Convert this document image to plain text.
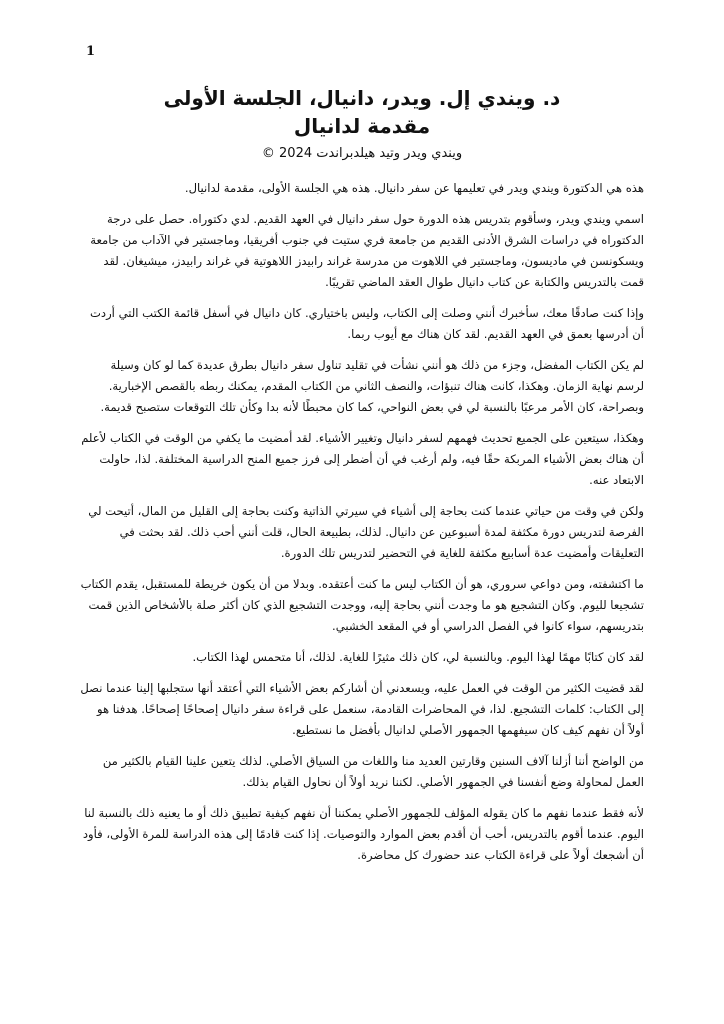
1
د. ويندي إل. ويدر، دانيال، الجلسة الأولى
مقدمة لدانيال

ويندي ويدر وتيد هيلدبراندت 2024 ©

هذه هي الدكتورة ويندي ويدر في تعليمها عن سفر دانيال. هذه هي الجلسة الأولى، مقدمة لدانيال.

اسمي ويندي ويدر، وسأقوم بتدريس هذه الدورة حول سفر دانيال في العهد القديم. لدي دكتوراه. حصل على درجة الدكتوراه في دراسات الشرق الأدنى القديم من جامعة فري ستيت في جنوب أفريقيا، وماجستير في الآداب من جامعة ويسكونسن في ماديسون، وماجستير في اللاهوت من مدرسة غراند رابيدز اللاهوتية في غراند رابيدز، ميشيغان. لقد قمت بالتدريس والكتابة عن كتاب دانيال طوال العقد الماضي تقريبًا.

وإذا كنت صادقًا معك، سأخبرك أنني وصلت إلى الكتاب، وليس باختياري. كان دانيال في أسفل قائمة الكتب التي أردت أن أدرسها بعمق في العهد القديم. لقد كان هناك مع أيوب ربما.

لم يكن الكتاب المفضل، وجزء من ذلك هو أنني نشأت في تقليد تناول سفر دانيال بطرق عديدة كما لو كان وسيلة لرسم نهاية الزمان. وهكذا، كانت هناك تنبؤات، والنصف الثاني من الكتاب المقدم، يمكنك ربطه بالقصص الإخبارية. وبصراحة، كان الأمر مرعبًا بالنسبة لي في بعض النواحي، كما كان محبطًا لأنه بدا وكأن تلك التوقعات ستصبح قديمة.

وهكذا، سيتعين على الجميع تحديث فهمهم لسفر دانيال وتغيير الأشياء. لقد أمضيت ما يكفي من الوقت في الكتاب لأعلم أن هناك بعض الأشياء المربكة حقًا فيه، ولم أرغب في أن أضطر إلى فرز جميع المنح الدراسية المختلفة. لذا، حاولت الابتعاد عنه.

ولكن في وقت من حياتي عندما كنت بحاجة إلى أشياء في سيرتي الذاتية وكنت بحاجة إلى القليل من المال، أتيحت لي الفرصة لتدريس دورة مكثفة لمدة أسبوعين عن دانيال. لذلك، بطبيعة الحال، قلت أنني أحب ذلك. لقد بحثت في التعليقات وأمضيت عدة أسابيع مكثفة للغاية في التحضير لتدريس تلك الدورة.

ما اكتشفته، ومن دواعي سروري، هو أن الكتاب ليس ما كنت أعتقده. وبدلا من أن يكون خريطة للمستقبل، يقدم الكتاب تشجيعا لليوم. وكان التشجيع هو ما وجدت أنني بحاجة إليه، ووجدت التشجيع الذي كان أكثر صلة بالأشخاص الذين قمت بتدريسهم، سواء كانوا في الفصل الدراسي أو في المقعد الخشبي.

لقد كان كتابًا مهمًا لهذا اليوم. وبالنسبة لي، كان ذلك مثيرًا للغاية. لذلك، أنا متحمس لهذا الكتاب.

لقد قضيت الكثير من الوقت في العمل عليه، ويسعدني أن أشاركم بعض الأشياء التي أعتقد أنها ستجلبها إلينا عندما نصل إلى الكتاب: كلمات التشجيع. لذا، في المحاضرات القادمة، سنعمل على قراءة سفر دانيال إصحاحًا إصحاحًا. هدفنا هو أولاً أن نفهم كيف كان سيفهمها الجمهور الأصلي لدانيال بأفضل ما نستطيع.

من الواضح أننا أزلنا آلاف السنين وقارتين العديد منا واللغات من السياق الأصلي. لذلك يتعين علينا القيام بالكثير من العمل لمحاولة وضع أنفسنا في الجمهور الأصلي. لكننا نريد أولاً أن نحاول القيام بذلك.

لأنه فقط عندما نفهم ما كان يقوله المؤلف للجمهور الأصلي يمكننا أن نفهم كيفية تطبيق ذلك أو ما يعنيه ذلك بالنسبة لنا اليوم. عندما أقوم بالتدريس، أحب أن أقدم بعض الموارد والتوصيات. إذا كنت قادمًا إلى هذه الدراسة للمرة الأولى، فأود أن أشجعك أولاً على قراءة الكتاب عند حضورك كل محاضرة.
